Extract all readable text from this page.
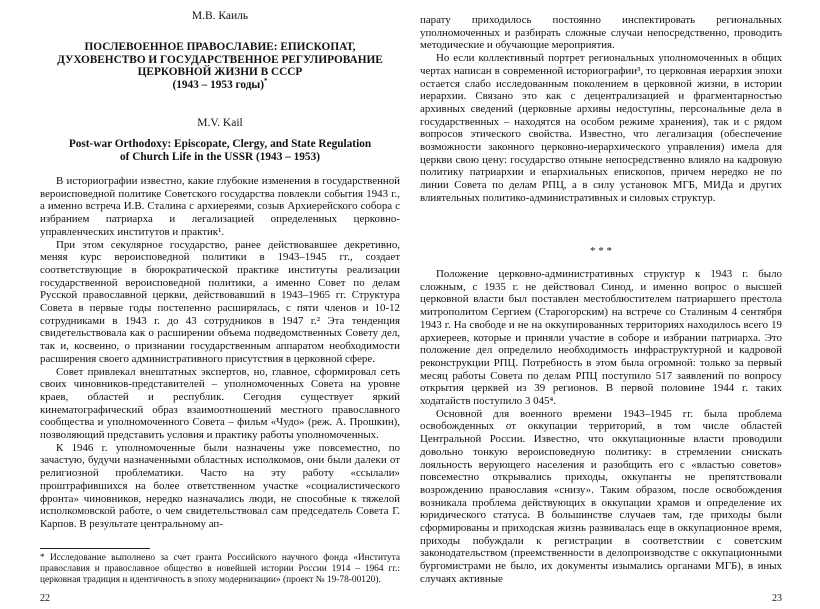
М.В. Каиль
ПОСЛЕВОЕННОЕ ПРАВОСЛАВИЕ: ЕПИСКОПАТ,
ДУХОВЕНСТВО И ГОСУДАРСТВЕННОЕ РЕГУЛИРОВАНИЕ
ЦЕРКОВНОЙ ЖИЗНИ В СССР
(1943 – 1953 годы)*
M.V. Kail
Post-war Orthodoxy: Episcopate, Clergy, and State Regulation
of Church Life in the USSR (1943 – 1953)

В историографии известно, какие глубокие изменения в государственной вероисповедной политике Советского государства повлекли события 1943 г., а именно встреча И.В. Сталина с архиереями, созыв Архиерейского собора с избранием патриарха и легализацией определенных церковно-управленческих институтов и практик¹.

При этом секулярное государство, ранее действовавшее декретивно, меняя курс вероисповедной политики в 1943–1945 гг., создает соответствующие в бюрократической практике институты реализации государственной вероисповедной политики, а именно Совет по делам Русской православной церкви, действовавший в 1943–1965 гг. Структура Совета в первые годы постепенно расширялась, с пяти членов и 10-12 сотрудниками в 1943 г. до 43 сотрудников в 1947 г.² Эта тенденция свидетельствовала как о расширении объема подведомственных Совету дел, так и, косвенно, о признании государственным аппаратом необходимости расширения своего административного присутствия в церковной сфере.

Совет привлекал внештатных экспертов, но, главное, сформировал сеть своих чиновников-представителей – уполномоченных Совета на уровне краев, областей и республик. Сегодня существует яркий кинематографический образ взаимоотношений местного православного сообщества и уполномоченного Совета – фильм «Чудо» (реж. А. Прошкин), позволяющий представить условия и практику работы уполномоченных.

К 1946 г. уполномоченные были назначены уже повсеместно, по зачастую, будучи назначенными областных исполкомов, они были далеки от религиозной проблематики. Часто на эту работу «ссылали» проштрафившихся на более ответственном участке «социалистического фронта» чиновников, нередко назначались люди, не способные к тяжелой исполкомовской работе, о чем свидетельствовал сам председатель Совета Г. Карпов. В результате центральному ап-

* Исследование выполнено за счет гранта Российского научного фонда «Института православия и православное общество в новейшей истории России 1914 – 1964 гг.: церковная традиция и идентичность в эпоху модернизации» (проект № 19-78-00120).
22

парату приходилось постоянно инспектировать региональных уполномоченных и разбирать сложные случаи непосредственно, проводить методические и обучающие мероприятия.

Но если коллективный портрет региональных уполномоченных в общих чертах написан в современной историографии³, то церковная иерархия эпохи остается слабо исследованным поколением в церковной жизни, в истории иерархии. Связано это как с децентрализацией и фрагментарностью архивных сведений (церковные архивы недоступны, персональные дела в государственных – находятся на особом режиме хранения), так и с рядом вопросов этического свойства. Известно, что легализация (обеспечение возможности законного церковно-иерархического управления) имела для церкви свою цену: государство отныне непосредственно влияло на кадровую политику патриархии и епархиальных епископов, причем нередко не по линии Совета по делам РПЦ, а в силу установок МГБ, МИДа и других влиятельных политико-административных и силовых структур.

* * *

Положение церковно-административных структур к 1943 г. было сложным, с 1935 г. не действовал Синод, и именно вопрос о высшей церковной власти был поставлен местоблюстителем патриаршего престола митрополитом Сергием (Старогорским) на встрече со Сталиным 4 сентября 1943 г. На свободе и не на оккупированных территориях находилось всего 19 архиереев, которые и приняли участие в соборе и избрании патриарха. Это положение дел определило необходимость инфраструктурной и кадровой реконструкции РПЦ. Потребность в этом была огромной: только за первый месяц работы Совета по делам РПЦ поступило 517 заявлений по вопросу открытия церквей из 39 регионов. В первой половине 1944 г. таких ходатайств поступило 3 045⁴.

Основной для военного времени 1943–1945 гг. была проблема освобожденных от оккупации территорий, в том числе областей Центральной России. Известно, что оккупационные власти проводили довольно тонкую вероисповедную политику: в стремлении снискать лояльность верующего населения и разобщить его с «властью советов» повсеместно открывались приходы, оккупанты не препятствовали возрождению православия «снизу». Таким образом, после освобождения возникала проблема действующих в оккупации храмов и определение их юридического статуса. В большинстве случаев там, где приходы были сформированы и приходская жизнь развивалась еще в оккупационное время, приходы побуждали к регистрации в соответствии с советским законодательством (преемственности в делопроизводстве с оккупационными бургомистрами не было, их документы изымались органами МГБ), в иных случаях активные

23
